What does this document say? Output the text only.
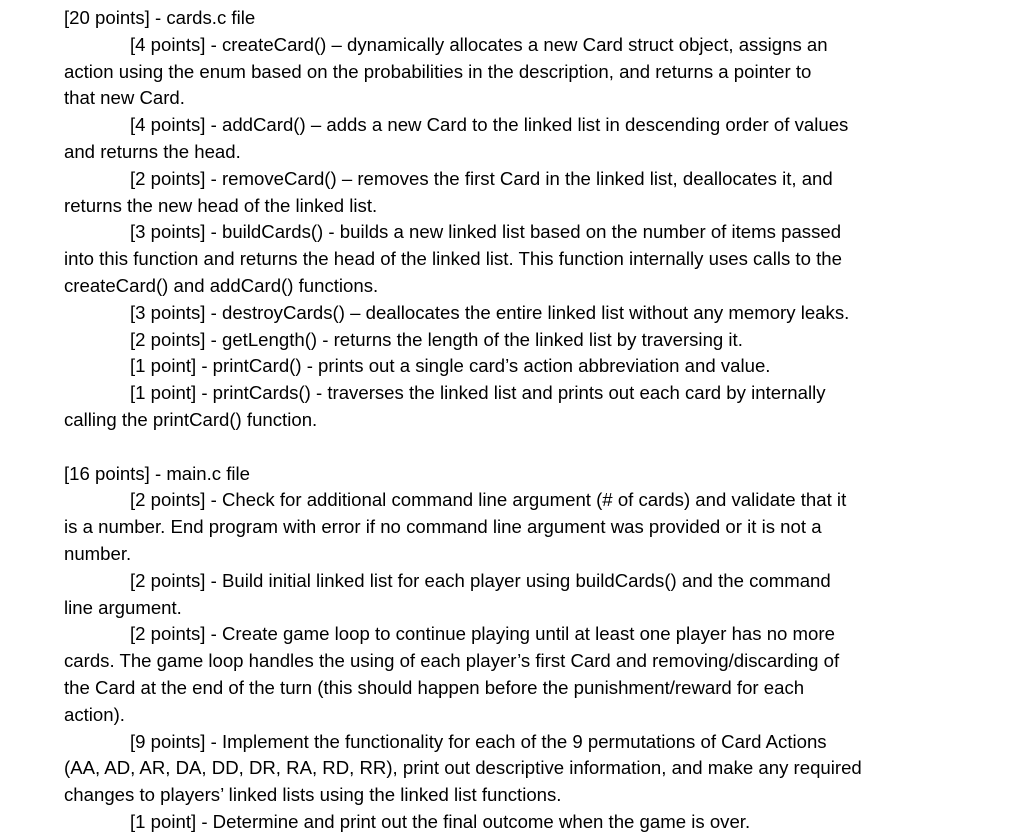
[20 points] - cards.c file
[4 points] - createCard() – dynamically allocates a new Card struct object, assigns an
action using the enum based on the probabilities in the description, and returns a pointer to
that new Card.
[4 points] - addCard() – adds a new Card to the linked list in descending order of values
and returns the head.
[2 points] - removeCard() – removes the first Card in the linked list, deallocates it, and
returns the new head of the linked list.
[3 points] - buildCards() - builds a new linked list based on the number of items passed
into this function and returns the head of the linked list. This function internally uses calls to the
createCard() and addCard() functions.
[3 points] - destroyCards() – deallocates the entire linked list without any memory leaks.
[2 points] - getLength() - returns the length of the linked list by traversing it.
[1 point] - printCard() - prints out a single card’s action abbreviation and value.
[1 point] - printCards() - traverses the linked list and prints out each card by internally
calling the printCard() function.
[16 points] - main.c file
[2 points] - Check for additional command line argument (# of cards) and validate that it
is a number. End program with error if no command line argument was provided or it is not a
number.
[2 points] - Build initial linked list for each player using buildCards() and the command
line argument.
[2 points] - Create game loop to continue playing until at least one player has no more
cards. The game loop handles the using of each player’s first Card and removing/discarding of
the Card at the end of the turn (this should happen before the punishment/reward for each
action).
[9 points] - Implement the functionality for each of the 9 permutations of Card Actions
(AA, AD, AR, DA, DD, DR, RA, RD, RR), print out descriptive information, and make any required
changes to players’ linked lists using the linked list functions.
[1 point] - Determine and print out the final outcome when the game is over.
